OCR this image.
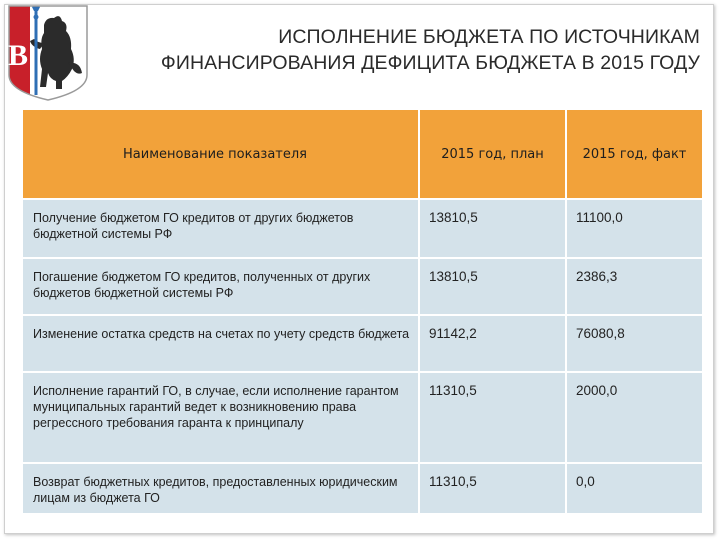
В
ИСПОЛНЕНИЕ БЮДЖЕТА ПО ИСТОЧНИКАМ
ФИНАНСИРОВАНИЯ ДЕФИЦИТА БЮДЖЕТА В 2015 ГОДУ
Наименование показателя	2015 год, план	2015 год, факт
Получение бюджетом ГО кредитов от других бюджетов бюджетной системы РФ	13810,5	11100,0
Погашение бюджетом ГО кредитов, полученных от других бюджетов бюджетной системы РФ	13810,5	2386,3
Изменение остатка средств на счетах по учету средств бюджета	91142,2	76080,8
Исполнение гарантий ГО, в случае, если исполнение гарантом муниципальных гарантий ведет к возникновению права регрессного требования гаранта к принципалу	11310,5	2000,0
Возврат бюджетных кредитов, предоставленных юридическим лицам из бюджета ГО	11310,5	0,0
